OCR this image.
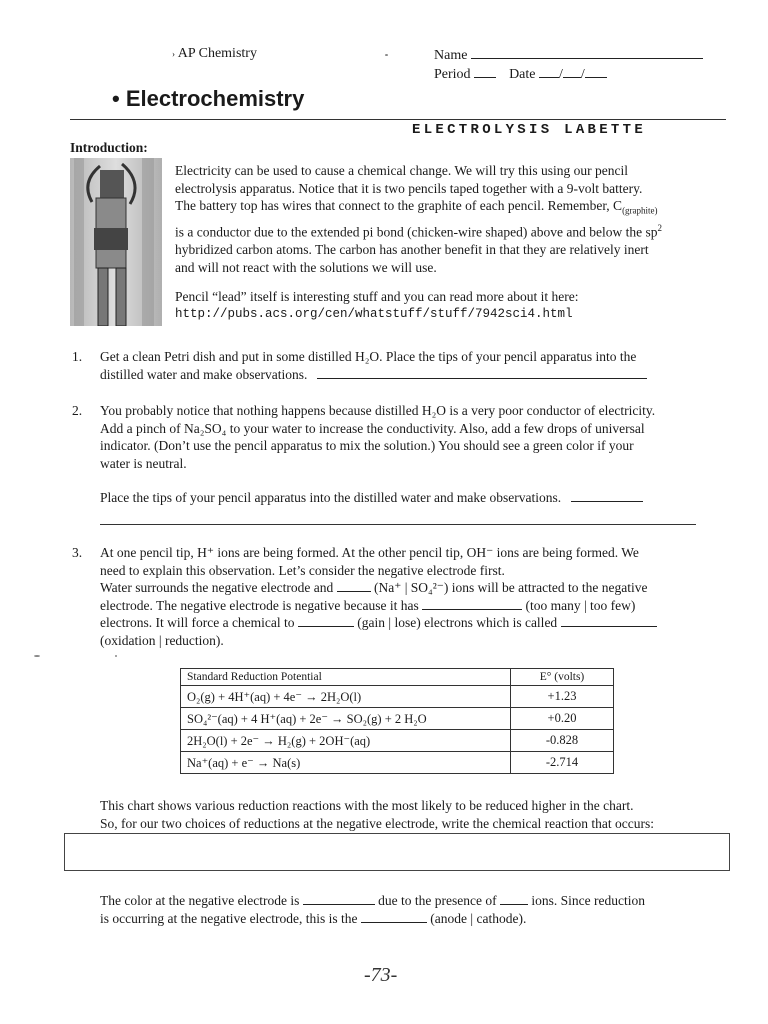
› AP Chemistry	Name
Period	Date / /
• Electrochemistry
ELECTROLYSIS LABETTE
Introduction:
Electricity can be used to cause a chemical change. We will try this using our pencil
electrolysis apparatus. Notice that it is two pencils taped together with a 9-volt battery.
The battery top has wires that connect to the graphite of each pencil. Remember, $C_{(graphite)}$
is a conductor due to the extended pi bond (chicken-wire shaped) above and below the $sp^2$
hybridized carbon atoms. The carbon has another benefit in that they are relatively inert
and will not react with the solutions we will use.
Pencil “lead” itself is interesting stuff and you can read more about it here:
http://pubs.acs.org/cen/whatstuff/stuff/7942sci4.html
1. Get a clean Petri dish and put in some distilled H₂O. Place the tips of your pencil apparatus into the
distilled water and make observations.
2. You probably notice that nothing happens because distilled H₂O is a very poor conductor of electricity.
Add a pinch of Na₂SO₄ to your water to increase the conductivity. Also, add a few drops of universal
indicator. (Don’t use the pencil apparatus to mix the solution.) You should see a green color if your
water is neutral.
Place the tips of your pencil apparatus into the distilled water and make observations.
3. At one pencil tip, H⁺ ions are being formed. At the other pencil tip, OH⁻ ions are being formed. We
need to explain this observation. Let’s consider the negative electrode first.
Water surrounds the negative electrode and	(Na⁺ | SO₄²⁻) ions will be attracted to the negative
electrode. The negative electrode is negative because it has	(too many | too few)
electrons. It will force a chemical to	(gain | lose) electrons which is called
(oxidation | reduction).
Standard Reduction Potential	E° (volts)
O₂(g) + 4H⁺(aq) + 4e⁻ → 2H₂O(l)	+1.23
SO₄²⁻(aq) + 4 H⁺(aq) + 2e⁻ → SO₂(g) + 2 H₂O	+0.20
2H₂O(l) + 2e⁻ → H₂(g) + 2OH⁻(aq)	-0.828
Na⁺(aq) + e⁻ → Na(s)	-2.714
This chart shows various reduction reactions with the most likely to be reduced higher in the chart.
So, for our two choices of reductions at the negative electrode, write the chemical reaction that occurs:
The color at the negative electrode is	due to the presence of	ions. Since reduction
is occurring at the negative electrode, this is the	(anode | cathode).
-73-
